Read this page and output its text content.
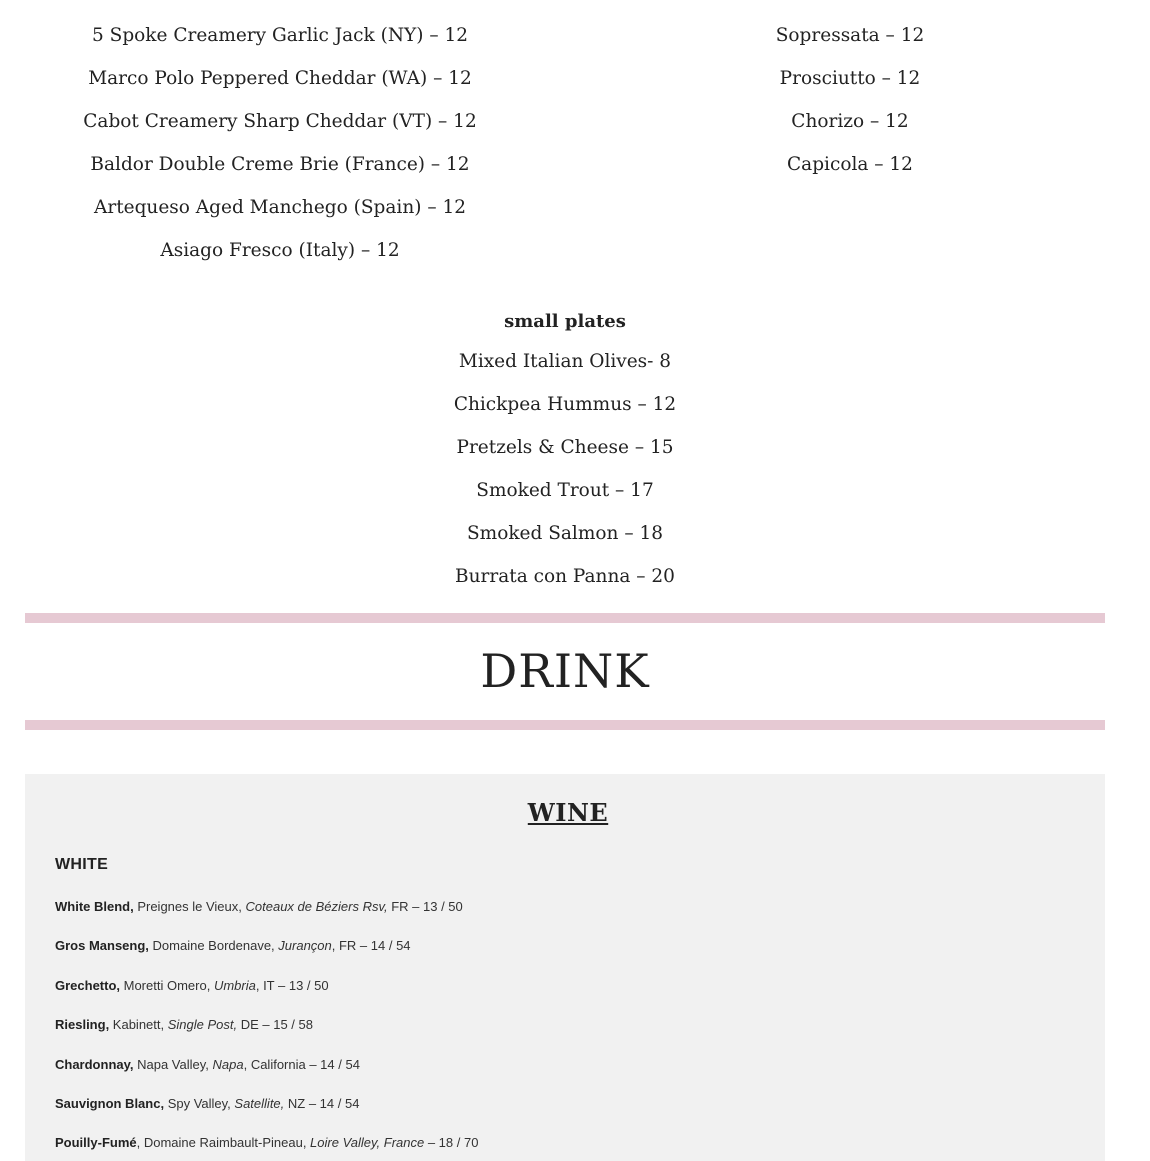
5 Spoke Creamery Garlic Jack (NY) – 12
Marco Polo Peppered Cheddar (WA) – 12
Cabot Creamery Sharp Cheddar (VT) – 12
Baldor Double Creme Brie (France) – 12
Artequeso Aged Manchego (Spain) – 12
Asiago Fresco (Italy) – 12
Sopressata – 12
Prosciutto – 12
Chorizo – 12
Capicola – 12
small plates
Mixed Italian Olives- 8
Chickpea Hummus – 12
Pretzels & Cheese – 15
Smoked Trout – 17
Smoked Salmon – 18
Burrata con Panna – 20
DRINK
WINE
WHITE
White Blend, Preignes le Vieux, Coteaux de Béziers Rsv, FR – 13 / 50
Gros Manseng, Domaine Bordenave, Jurançon, FR – 14 / 54
Grechetto, Moretti Omero, Umbria, IT – 13 / 50
Riesling, Kabinett, Single Post, DE – 15 / 58
Chardonnay, Napa Valley, Napa, California – 14 / 54
Sauvignon Blanc, Spy Valley, Satellite, NZ – 14 / 54
Pouilly-Fumé, Domaine Raimbault-Pineau, Loire Valley, France – 18 / 70
